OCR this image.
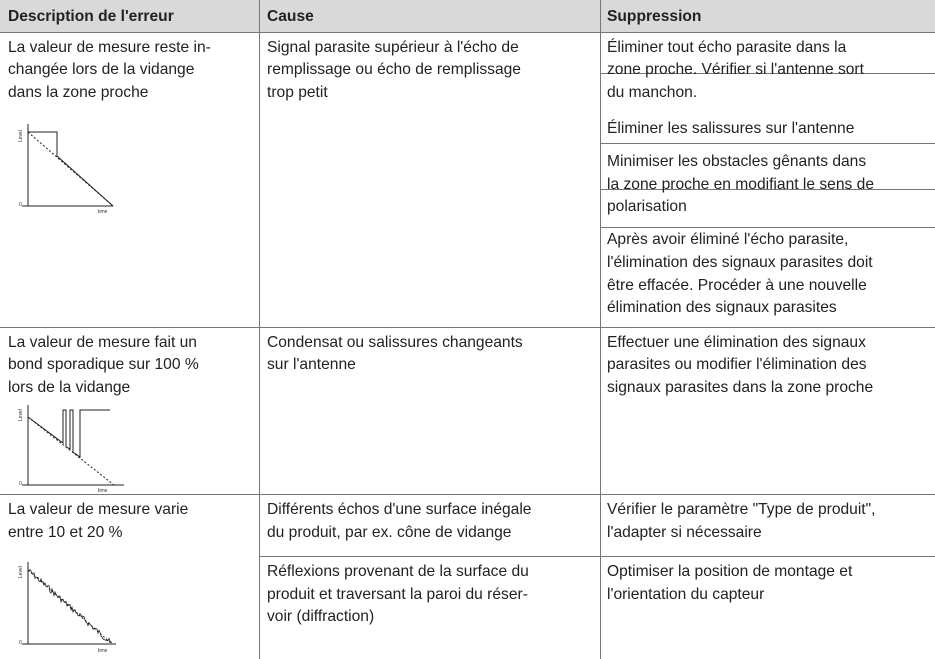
Description de l'erreur	Cause	Suppression
La valeur de mesure reste in-
changée lors de la vidange
dans la zone proche
Level
0
time
Signal parasite supérieur à l'écho de
remplissage ou écho de remplissage
trop petit
Éliminer tout écho parasite dans la
zone proche. Vérifier si l'antenne sort
du manchon.
Éliminer les salissures sur l'antenne
Minimiser les obstacles gênants dans
la zone proche en modifiant le sens de
polarisation
Après avoir éliminé l'écho parasite,
l'élimination des signaux parasites doit
être effacée. Procéder à une nouvelle
élimination des signaux parasites
La valeur de mesure fait un
bond sporadique sur 100 %
lors de la vidange
Level
0
time
Condensat ou salissures changeants
sur l'antenne
Effectuer une élimination des signaux
parasites ou modifier l'élimination des
signaux parasites dans la zone proche
La valeur de mesure varie
entre 10 et 20 %
Level
0
time
Différents échos d'une surface inégale
du produit, par ex. cône de vidange
Réflexions provenant de la surface du
produit et traversant la paroi du réser-
voir (diffraction)
Vérifier le paramètre "Type de produit",
l'adapter si nécessaire
Optimiser la position de montage et
l'orientation du capteur
